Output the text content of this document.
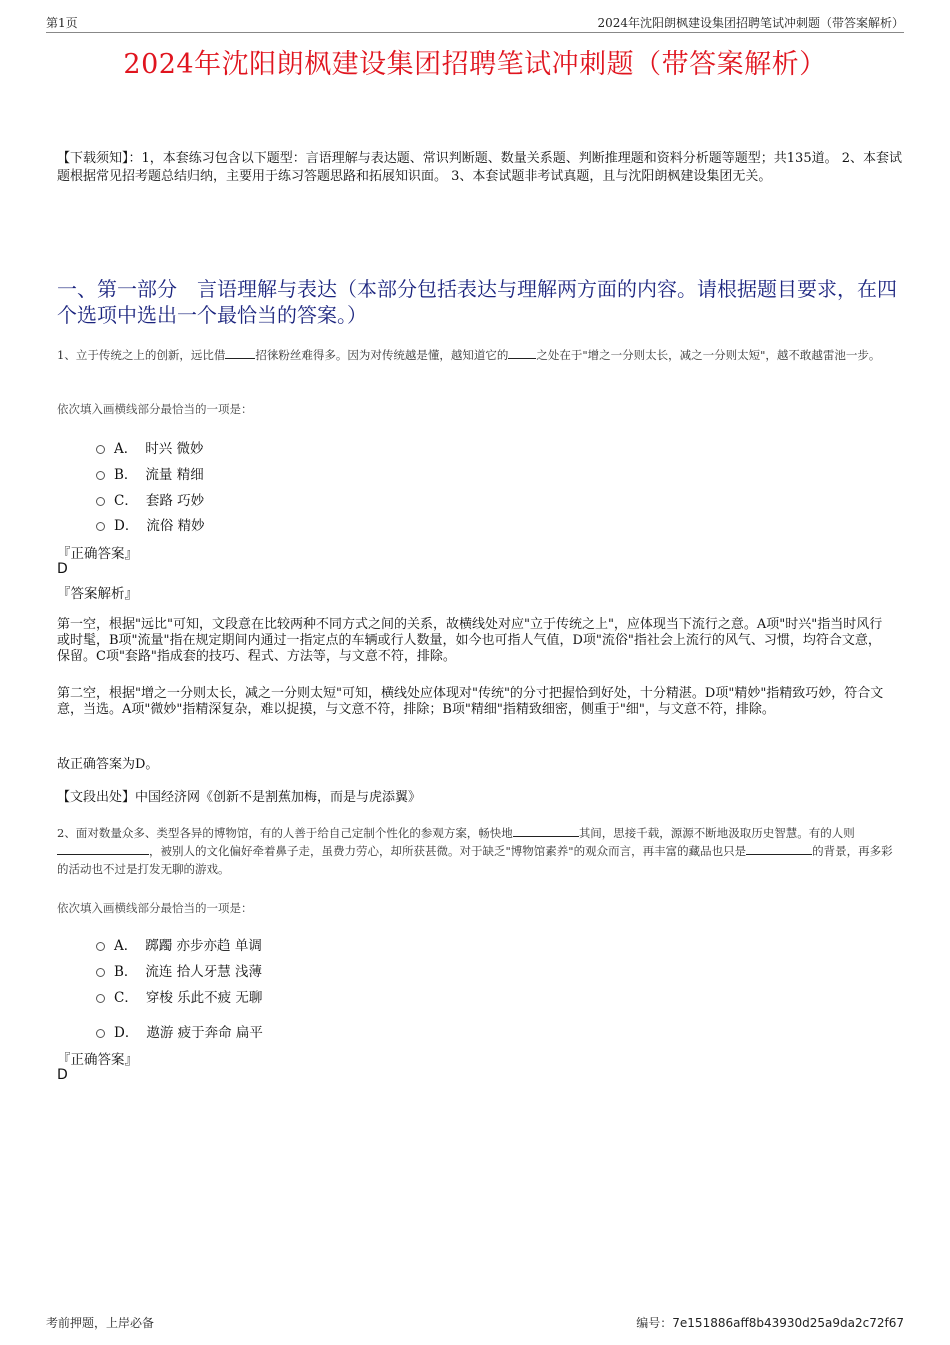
第1页	2024年沈阳朗枫建设集团招聘笔试冲刺题（带答案解析）
2024年沈阳朗枫建设集团招聘笔试冲刺题（带答案解析）
【下载须知】：1，本套练习包含以下题型：言语理解与表达题、常识判断题、数量关系题、判断推理题和资料分析题等题型；共135道。 2、本套试题根据常见招考题总结归纳，主要用于练习答题思路和拓展知识面。 3、本套试题非考试真题，且与沈阳朗枫建设集团无关。
一、第一部分　言语理解与表达（本部分包括表达与理解两方面的内容。请根据题目要求，在四个选项中选出一个最恰当的答案。）
1、立于传统之上的创新，远比借	招徕粉丝难得多。因为对传统越是懂，越知道它的 之处在于"增之一分则太长，减之一分则太短"，越不敢越雷池一步。
依次填入画横线部分最恰当的一项是：
A． 时兴 微妙
B． 流量 精细
C． 套路 巧妙
D． 流俗 精妙
『正确答案』
D
『答案解析』
第一空，根据"远比"可知，文段意在比较两种不同方式之间的关系，故横线处对应"立于传统之上"，应体现当下流行之意。A项"时兴"指当时风行或时髦，B项"流量"指在规定期间内通过一指定点的车辆或行人数量，如今也可指人气值，D项"流俗"指社会上流行的风气、习惯，均符合文意，保留。C项"套路"指成套的技巧、程式、方法等，与文意不符，排除。
第二空，根据"增之一分则太长，减之一分则太短"可知，横线处应体现对"传统"的分寸把握恰到好处，十分精湛。D项"精妙"指精致巧妙，符合文意，当选。A项"微妙"指精深复杂，难以捉摸，与文意不符，排除；B项"精细"指精致细密，侧重于"细"，与文意不符，排除。
故正确答案为D。
【文段出处】中国经济网《创新不是割蕉加梅，而是与虎添翼》
2、面对数量众多、类型各异的博物馆，有的人善于给自己定制个性化的参观方案，畅快地	其间，思接千载，源源不断地汲取历史智慧。有的人则，被别人的文化偏好牵着鼻子走，虽费力劳心，却所获甚微。对于缺乏"博物馆素养"的观众而言，再丰富的藏品也只是	的背景，再多彩的活动也不过是打发无聊的游戏。
依次填入画横线部分最恰当的一项是：
A． 踯躅 亦步亦趋 单调
B． 流连 拾人牙慧 浅薄
C． 穿梭 乐此不疲 无聊
D． 遨游 疲于奔命 扁平
『正确答案』
D
考前押题，上岸必备	编号：7e151886aff8b43930d25a9da2c72f67
